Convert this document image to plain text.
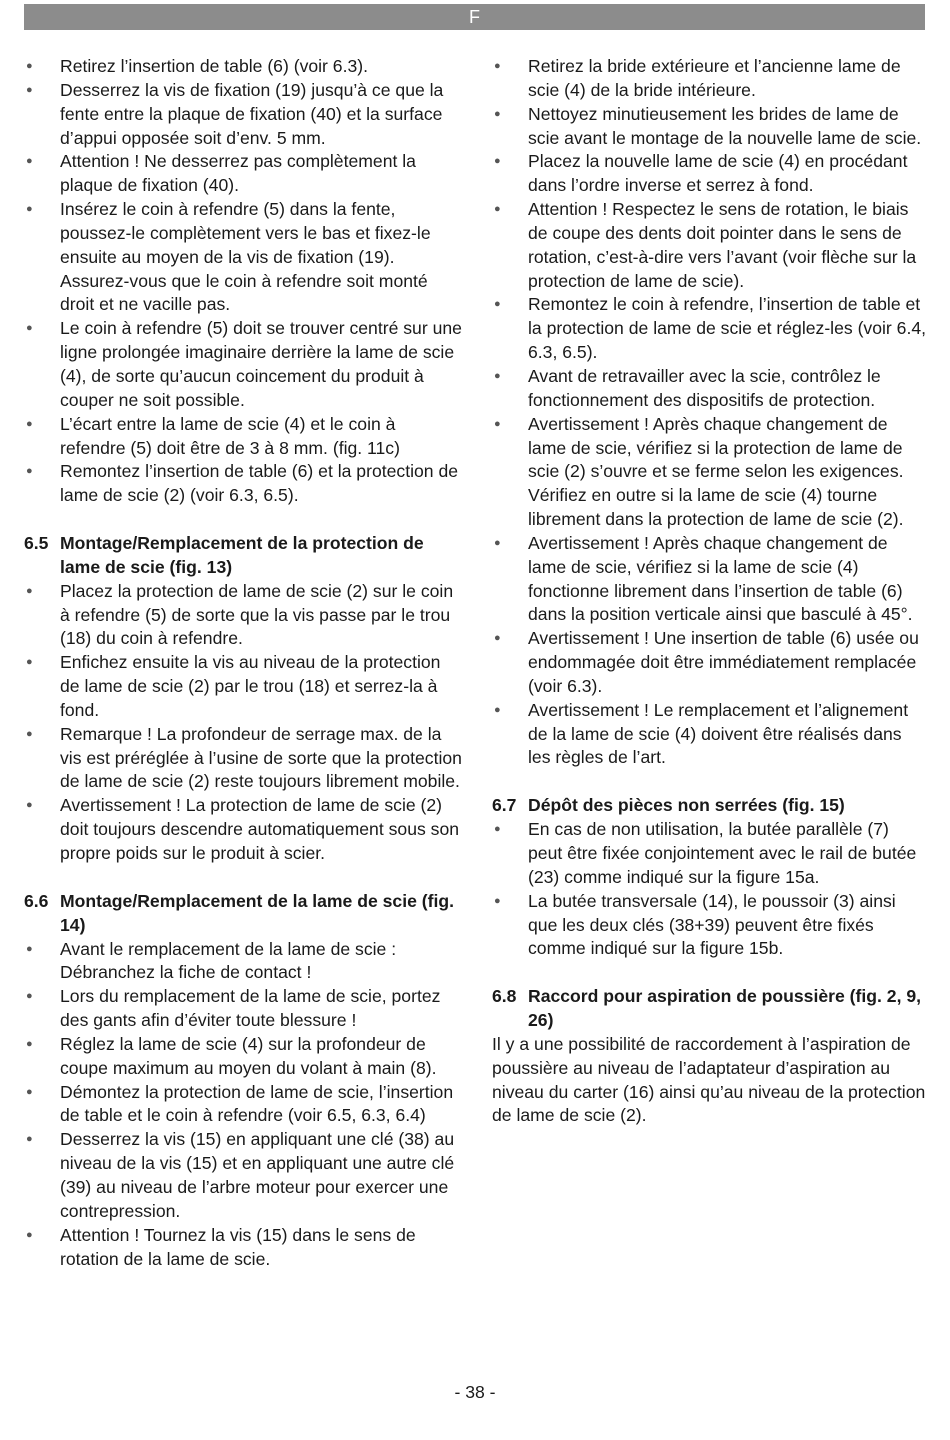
F
● Retirez l’insertion de table (6) (voir 6.3).
● Desserrez la vis de fixation (19) jusqu’à ce que la fente entre la plaque de fixation (40) et la surface d’appui opposée soit d’env. 5 mm.
● Attention ! Ne desserrez pas complètement la plaque de fixation (40).
● Insérez le coin à refendre (5) dans la fente, poussez-le complètement vers le bas et fixez-le ensuite au moyen de la vis de fixation (19). Assurez-vous que le coin à refendre soit monté droit et ne vacille pas.
● Le coin à refendre (5) doit se trouver centré sur une ligne prolongée imaginaire derrière la lame de scie (4), de sorte qu’aucun coincement du produit à couper ne soit possible.
● L’écart entre la lame de scie (4) et le coin à refendre (5) doit être de 3 à 8 mm. (fig. 11c)
● Remontez l’insertion de table (6) et la protection de lame de scie (2) (voir 6.3, 6.5).
6.5 Montage/Remplacement de la protection de lame de scie (fig. 13)
● Placez la protection de lame de scie (2) sur le coin à refendre (5) de sorte que la vis passe par le trou (18) du coin à refendre.
● Enfichez ensuite la vis au niveau de la protection de lame de scie (2) par le trou (18) et serrez-la à fond.
● Remarque ! La profondeur de serrage max. de la vis est préréglée à l’usine de sorte que la protection de lame de scie (2) reste toujours librement mobile.
● Avertissement ! La protection de lame de scie (2) doit toujours descendre automatiquement sous son propre poids sur le produit à scier.
6.6 Montage/Remplacement de la lame de scie (fig. 14)
● Avant le remplacement de la lame de scie : Débranchez la fiche de contact !
● Lors du remplacement de la lame de scie, portez des gants afin d’éviter toute blessure !
● Réglez la lame de scie (4) sur la profondeur de coupe maximum au moyen du volant à main (8).
● Démontez la protection de lame de scie, l’insertion de table et le coin à refendre (voir 6.5, 6.3, 6.4)
● Desserrez la vis (15) en appliquant une clé (38) au niveau de la vis (15) et en appliquant une autre clé (39) au niveau de l’arbre moteur pour exercer une contrepression.
● Attention ! Tournez la vis (15) dans le sens de rotation de la lame de scie.
● Retirez la bride extérieure et l’ancienne lame de scie (4) de la bride intérieure.
● Nettoyez minutieusement les brides de lame de scie avant le montage de la nouvelle lame de scie.
● Placez la nouvelle lame de scie (4) en procédant dans l’ordre inverse et serrez à fond.
● Attention ! Respectez le sens de rotation, le biais de coupe des dents doit pointer dans le sens de rotation, c’est-à-dire vers l’avant (voir flèche sur la protection de lame de scie).
● Remontez le coin à refendre, l’insertion de table et la protection de lame de scie et réglez-les (voir 6.4, 6.3, 6.5).
● Avant de retravailler avec la scie, contrôlez le fonctionnement des dispositifs de protection.
● Avertissement ! Après chaque changement de lame de scie, vérifiez si la protection de lame de scie (2) s’ouvre et se ferme selon les exigences. Vérifiez en outre si la lame de scie (4) tourne librement dans la protection de lame de scie (2).
● Avertissement ! Après chaque changement de lame de scie, vérifiez si la lame de scie (4) fonctionne librement dans l’insertion de table (6) dans la position verticale ainsi que basculé à 45°.
● Avertissement ! Une insertion de table (6) usée ou endommagée doit être immédiatement remplacée (voir 6.3).
● Avertissement ! Le remplacement et l’alignement de la lame de scie (4) doivent être réalisés dans les règles de l’art.
6.7 Dépôt des pièces non serrées (fig. 15)
● En cas de non utilisation, la butée parallèle (7) peut être fixée conjointement avec le rail de butée (23) comme indiqué sur la figure 15a.
● La butée transversale (14), le poussoir (3) ainsi que les deux clés (38+39) peuvent être fixés comme indiqué sur la figure 15b.
6.8 Raccord pour aspiration de poussière (fig. 2, 9, 26)

Il y a une possibilité de raccordement à l’aspiration de poussière au niveau de l’adaptateur d’aspiration au niveau du carter (16) ainsi qu’au niveau de la protection de lame de scie (2).

- 38 -
